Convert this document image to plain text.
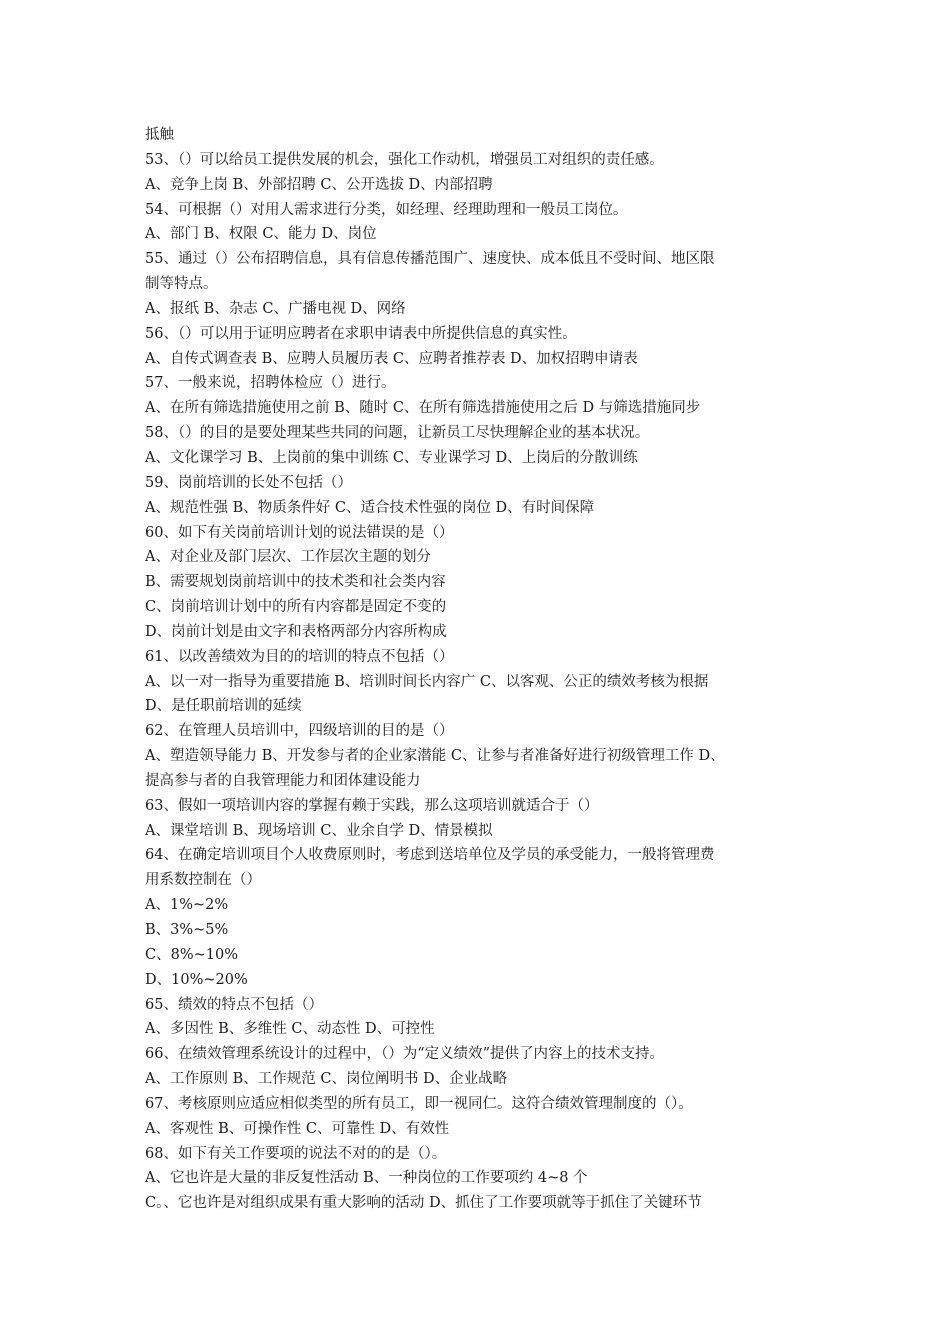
抵触
53、（）可以给员工提供发展的机会，强化工作动机，增强员工对组织的责任感。
A、竞争上岗 B、外部招聘 C、公开选拔 D、内部招聘
54、可根据（）对用人需求进行分类，如经理、经理助理和一般员工岗位。
A、部门 B、权限 C、能力 D、岗位
55、通过（）公布招聘信息，具有信息传播范围广、速度快、成本低且不受时间、地区限
制等特点。
A、报纸 B、杂志 C、广播电视 D、网络
56、（）可以用于证明应聘者在求职申请表中所提供信息的真实性。
A、自传式调查表 B、应聘人员履历表 C、应聘者推荐表 D、加权招聘申请表
57、一般来说，招聘体检应（）进行。
A、在所有筛选措施使用之前 B、随时 C、在所有筛选措施使用之后 D 与筛选措施同步
58、（）的目的是要处理某些共同的问题，让新员工尽快理解企业的基本状况。
A、文化课学习 B、上岗前的集中训练 C、专业课学习 D、上岗后的分散训练
59、岗前培训的长处不包括（）
A、规范性强 B、物质条件好 C、适合技术性强的岗位 D、有时间保障
60、如下有关岗前培训计划的说法错误的是（）
A、对企业及部门层次、工作层次主题的划分
B、需要规划岗前培训中的技术类和社会类内容
C、岗前培训计划中的所有内容都是固定不变的
D、岗前计划是由文字和表格两部分内容所构成
61、以改善绩效为目的的培训的特点不包括（）
A、以一对一指导为重要措施 B、培训时间长内容广 C、以客观、公正的绩效考核为根据
D、是任职前培训的延续
62、在管理人员培训中，四级培训的目的是（）
A、塑造领导能力 B、开发参与者的企业家潜能 C、让参与者准备好进行初级管理工作 D、
提高参与者的自我管理能力和团体建设能力
63、假如一项培训内容的掌握有赖于实践，那么这项培训就适合于（）
A、课堂培训 B、现场培训 C、业余自学 D、情景模拟
64、在确定培训项目个人收费原则时，考虑到送培单位及学员的承受能力，一般将管理费
用系数控制在（）
A、1%~2%
B、3%~5%
C、8%~10%
D、10%~20%
65、绩效的特点不包括（）
A、多因性 B、多维性 C、动态性 D、可控性
66、在绩效管理系统设计的过程中，（）为“定义绩效”提供了内容上的技术支持。
A、工作原则 B、工作规范 C、岗位阐明书 D、企业战略
67、考核原则应适应相似类型的所有员工，即一视同仁。这符合绩效管理制度的（）。
A、客观性 B、可操作性 C、可靠性 D、有效性
68、如下有关工作要项的说法不对的的是（）。
A、它也许是大量的非反复性活动 B、一种岗位的工作要项约 4~8 个
C。、它也许是对组织成果有重大影响的活动 D、抓住了工作要项就等于抓住了关键环节
